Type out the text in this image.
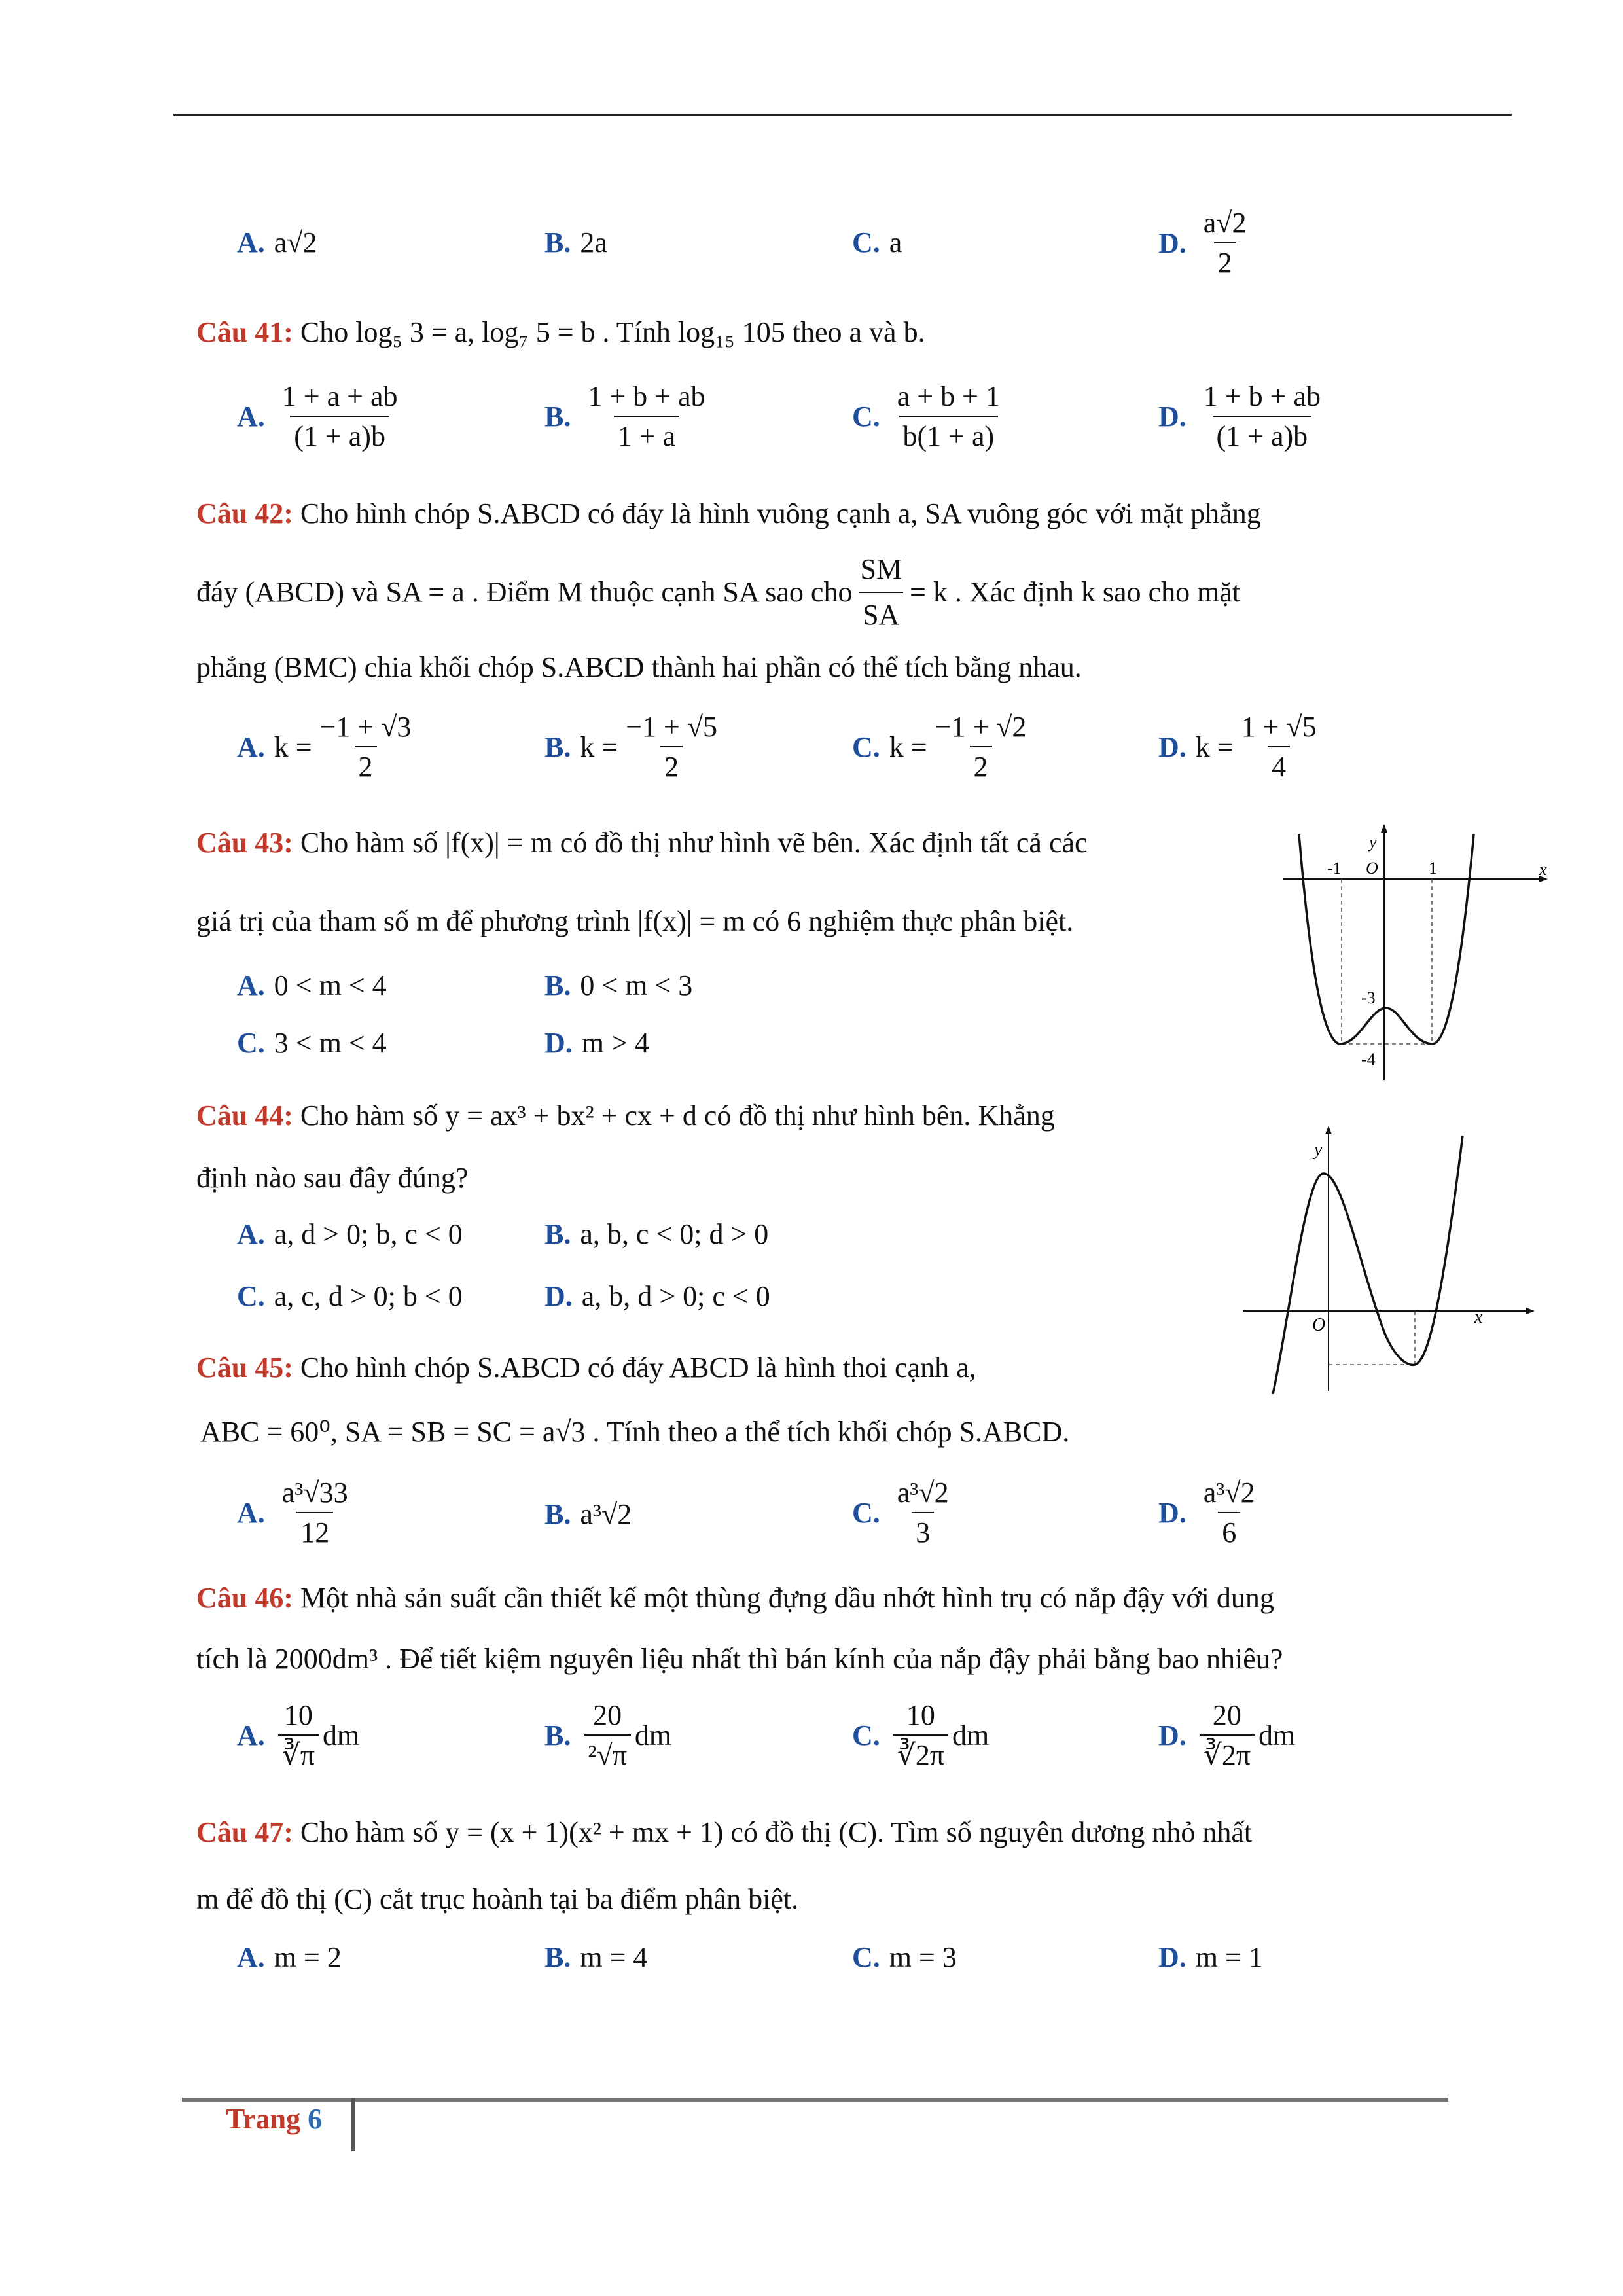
A. a√2	B. 2a	C. a	D. $\frac{a√2}{2}$
Câu 41: Cho log₅ 3 = a, log₇ 5 = b . Tính log₁₅ 105 theo a và b.
A. $\frac{1 + a + ab}{(1 + a)b}$	B. $\frac{1 + b + ab}{1 + a}$	C. $\frac{a + b + 1}{b(1 + a)}$	D. $\frac{1 + b + ab}{(1 + a)b}$
Câu 42: Cho hình chóp S.ABCD có đáy là hình vuông cạnh a, SA vuông góc với mặt phẳng
đáy (ABCD) và SA = a . Điểm M thuộc cạnh SA sao cho $\frac{SM}{SA} = k$ . Xác định k sao cho mặt
phẳng (BMC) chia khối chóp S.ABCD thành hai phần có thể tích bằng nhau.
A. $k = \frac{-1 + √3}{2}$	B. $k = \frac{-1 + √5}{2}$	C. $k = \frac{-1 + √2}{2}$	D. $k = \frac{1 + √5}{4}$
Câu 43: Cho hàm số |f(x)| = m có đồ thị như hình vẽ bên. Xác định tất cả các
giá trị của tham số m để phương trình |f(x)| = m có 6 nghiệm thực phân biệt.
A. 0 < m < 4	B. 0 < m < 3
C. 3 < m < 4	D. m > 4
y
x
O
-1	1
-3
-4
Câu 44: Cho hàm số y = ax³ + bx² + cx + d có đồ thị như hình bên. Khẳng
định nào sau đây đúng?
A. a, d > 0; b, c < 0	B. a, b, c < 0; d > 0
C. a, c, d > 0; b < 0	D. a, b, d > 0; c < 0
y
x
O
Câu 45: Cho hình chóp S.ABCD có đáy ABCD là hình thoi cạnh a,
ABC = 60⁰, SA = SB = SC = a√3 . Tính theo a thể tích khối chóp S.ABCD.
A. $\frac{\text{a³√33}}{12}$	B. a³√2	C. $\frac{\text{a³√2}}{3}$	D. $\frac{\text{a³√2}}{6}$
Câu 46: Một nhà sản suất cần thiết kế một thùng đựng dầu nhớt hình trụ có nắp đậy với dung
tích là 2000dm³ . Để tiết kiệm nguyên liệu nhất thì bán kính của nắp đậy phải bằng bao nhiêu?
A. $\frac{10}{∛\pi}$ dm	B. $\frac{20}{\text{²√π}}$ dm	C. $\frac{10}{∛2\pi}$ dm	D. $\frac{20}{∛2\pi}$ dm
Câu 47: Cho hàm số y = (x + 1)(x² + mx + 1) có đồ thị (C). Tìm số nguyên dương nhỏ nhất
m để đồ thị (C) cắt trục hoành tại ba điểm phân biệt.
A. m = 2	B. m = 4	C. m = 3	D. m = 1
Trang 6
